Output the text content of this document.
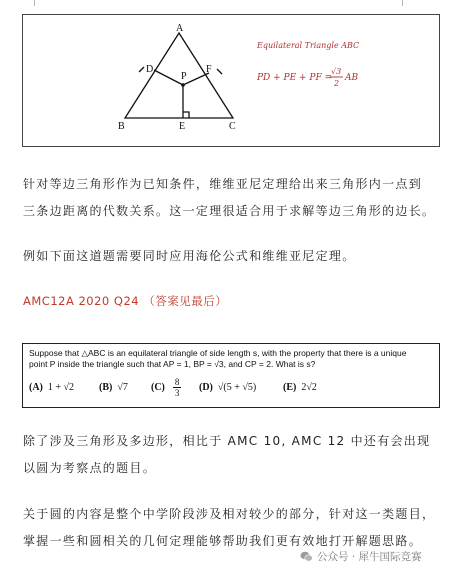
A
B	C
D
E
F
P
Equilateral Triangle ABC
PD + PE + PF =
√3
2
AB
针对等边三角形作为已知条件，维维亚尼定理给出来三角形内一点到
三条边距离的代数关系。这一定理很适合用于求解等边三角形的边长。
例如下面这道题需要同时应用海伦公式和维维亚尼定理。
AMC12A 2020 Q24 （答案见最后）
Suppose that △ABC is an equilateral triangle of side length s, with the property that there is a unique
point P inside the triangle such that AP = 1, BP = √3, and CP = 2. What is s?
(A) 1 + √2 (B) √7 $(C) \frac{8}{3} (D) √(5 + √5)$	(E) 2√2
除了涉及三角形及多边形，相比于 AMC 10, AMC 12 中还有会出现
以圆为考察点的题目。
关于圆的内容是整个中学阶段涉及相对较少的部分，针对这一类题目，
掌握一些和圆相关的几何定理能够帮助我们更有效地打开解题思路。
公众号 · 犀牛国际竞赛
